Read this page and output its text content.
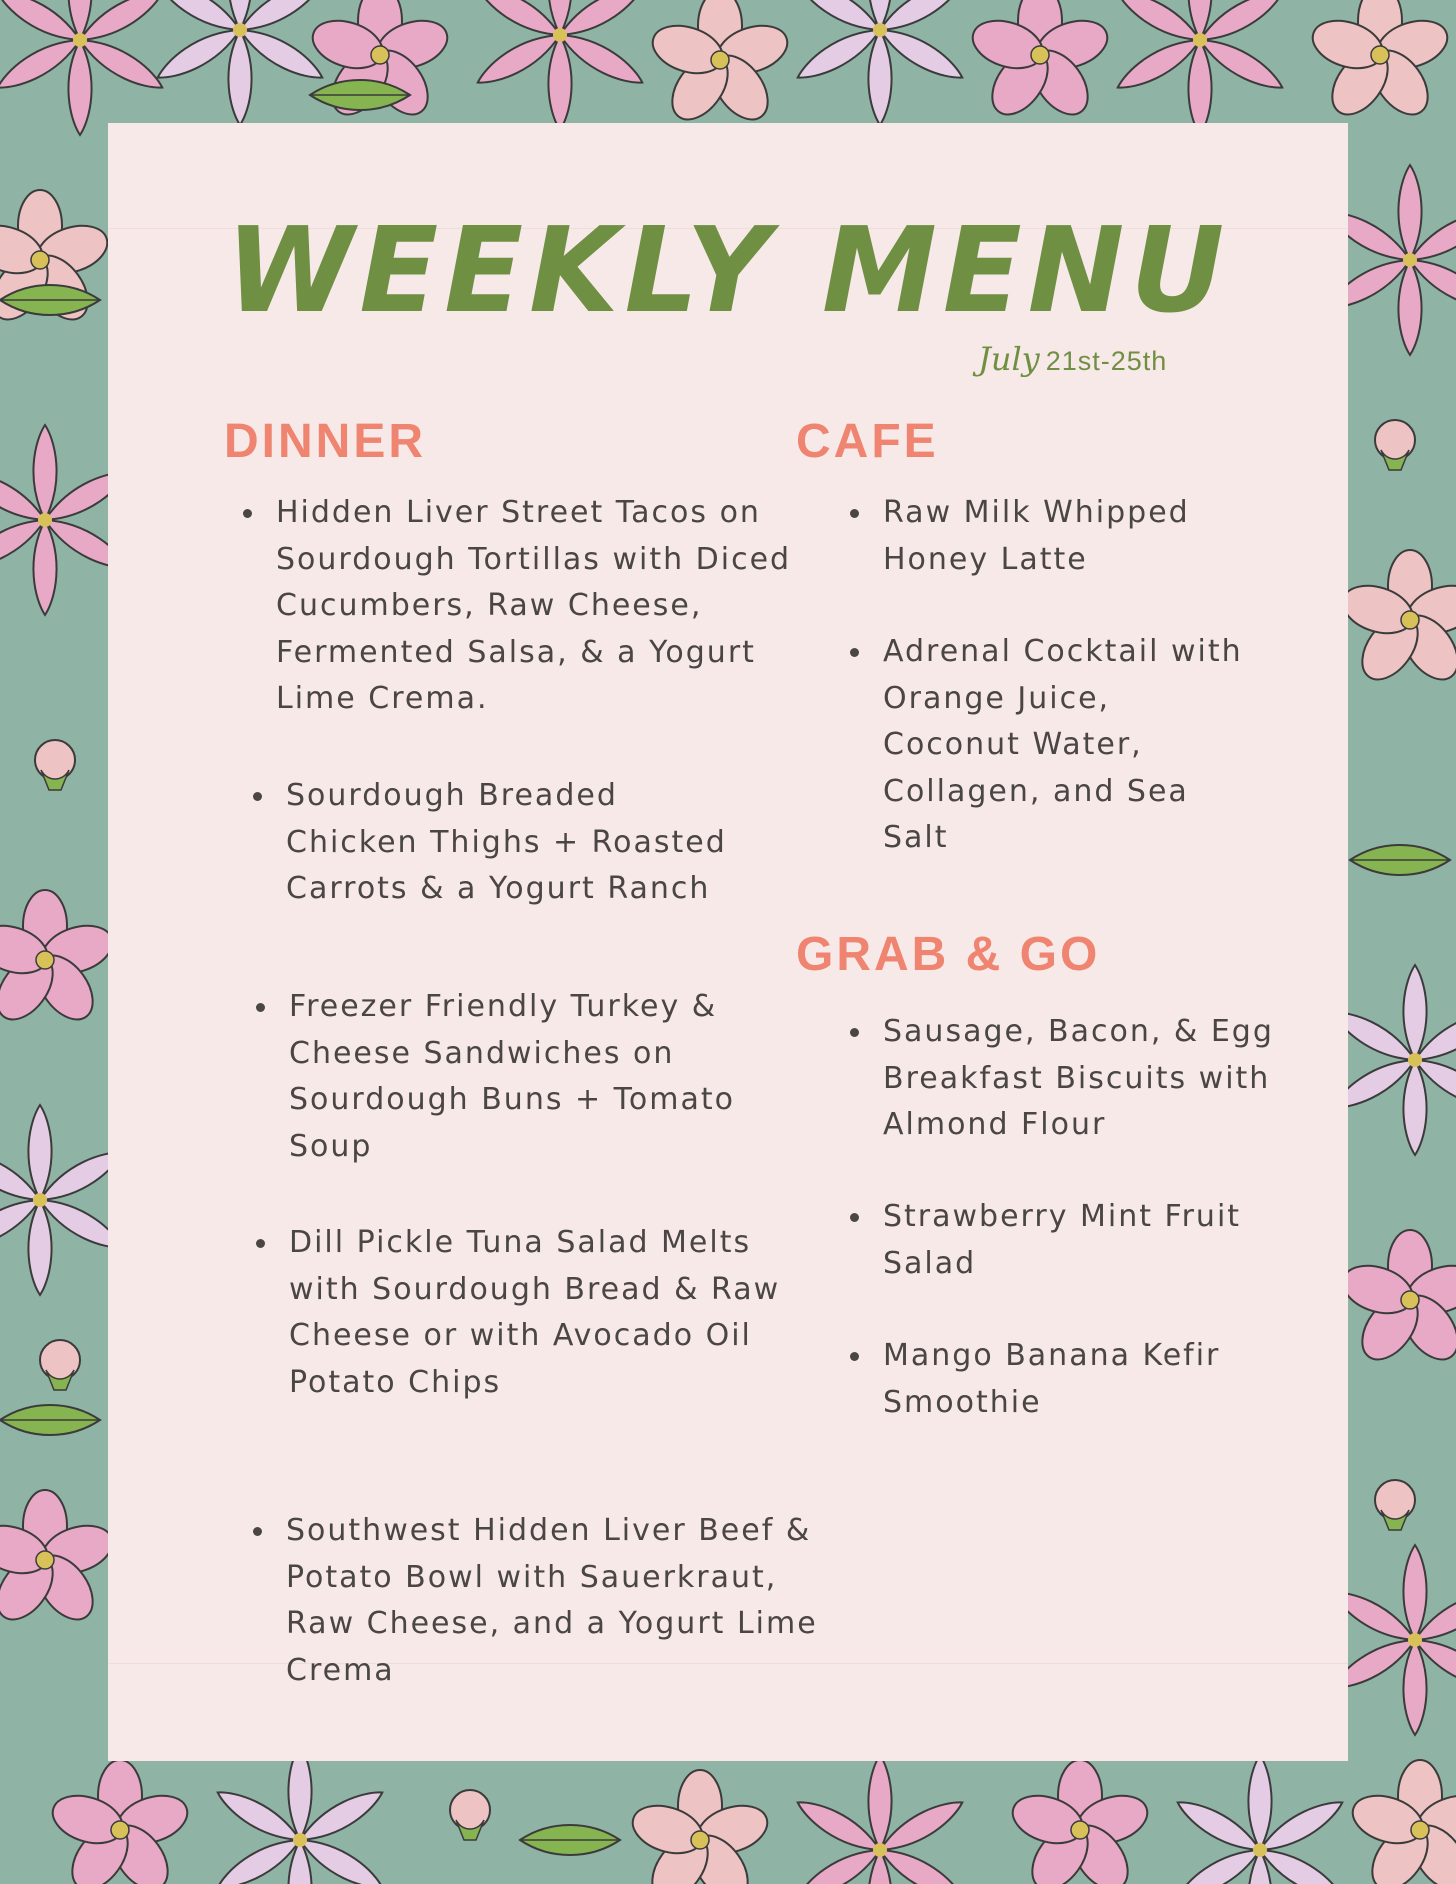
WEEKLY MENU
July 21st-25th
DINNER
Hidden Liver Street Tacos on Sourdough Tortillas with Diced Cucumbers, Raw Cheese, Fermented Salsa, & a Yogurt Lime Crema.
Sourdough Breaded Chicken Thighs + Roasted Carrots & a Yogurt Ranch
Freezer Friendly Turkey & Cheese Sandwiches on Sourdough Buns + Tomato Soup
Dill Pickle Tuna Salad Melts with Sourdough Bread & Raw Cheese or with Avocado Oil Potato Chips
Southwest Hidden Liver Beef & Potato Bowl with Sauerkraut, Raw Cheese, and a Yogurt Lime Crema
CAFE
Raw Milk Whipped Honey Latte
Adrenal Cocktail with Orange Juice, Coconut Water, Collagen, and Sea Salt
GRAB & GO
Sausage, Bacon, & Egg Breakfast Biscuits with Almond Flour
Strawberry Mint Fruit Salad
Mango Banana Kefir Smoothie
